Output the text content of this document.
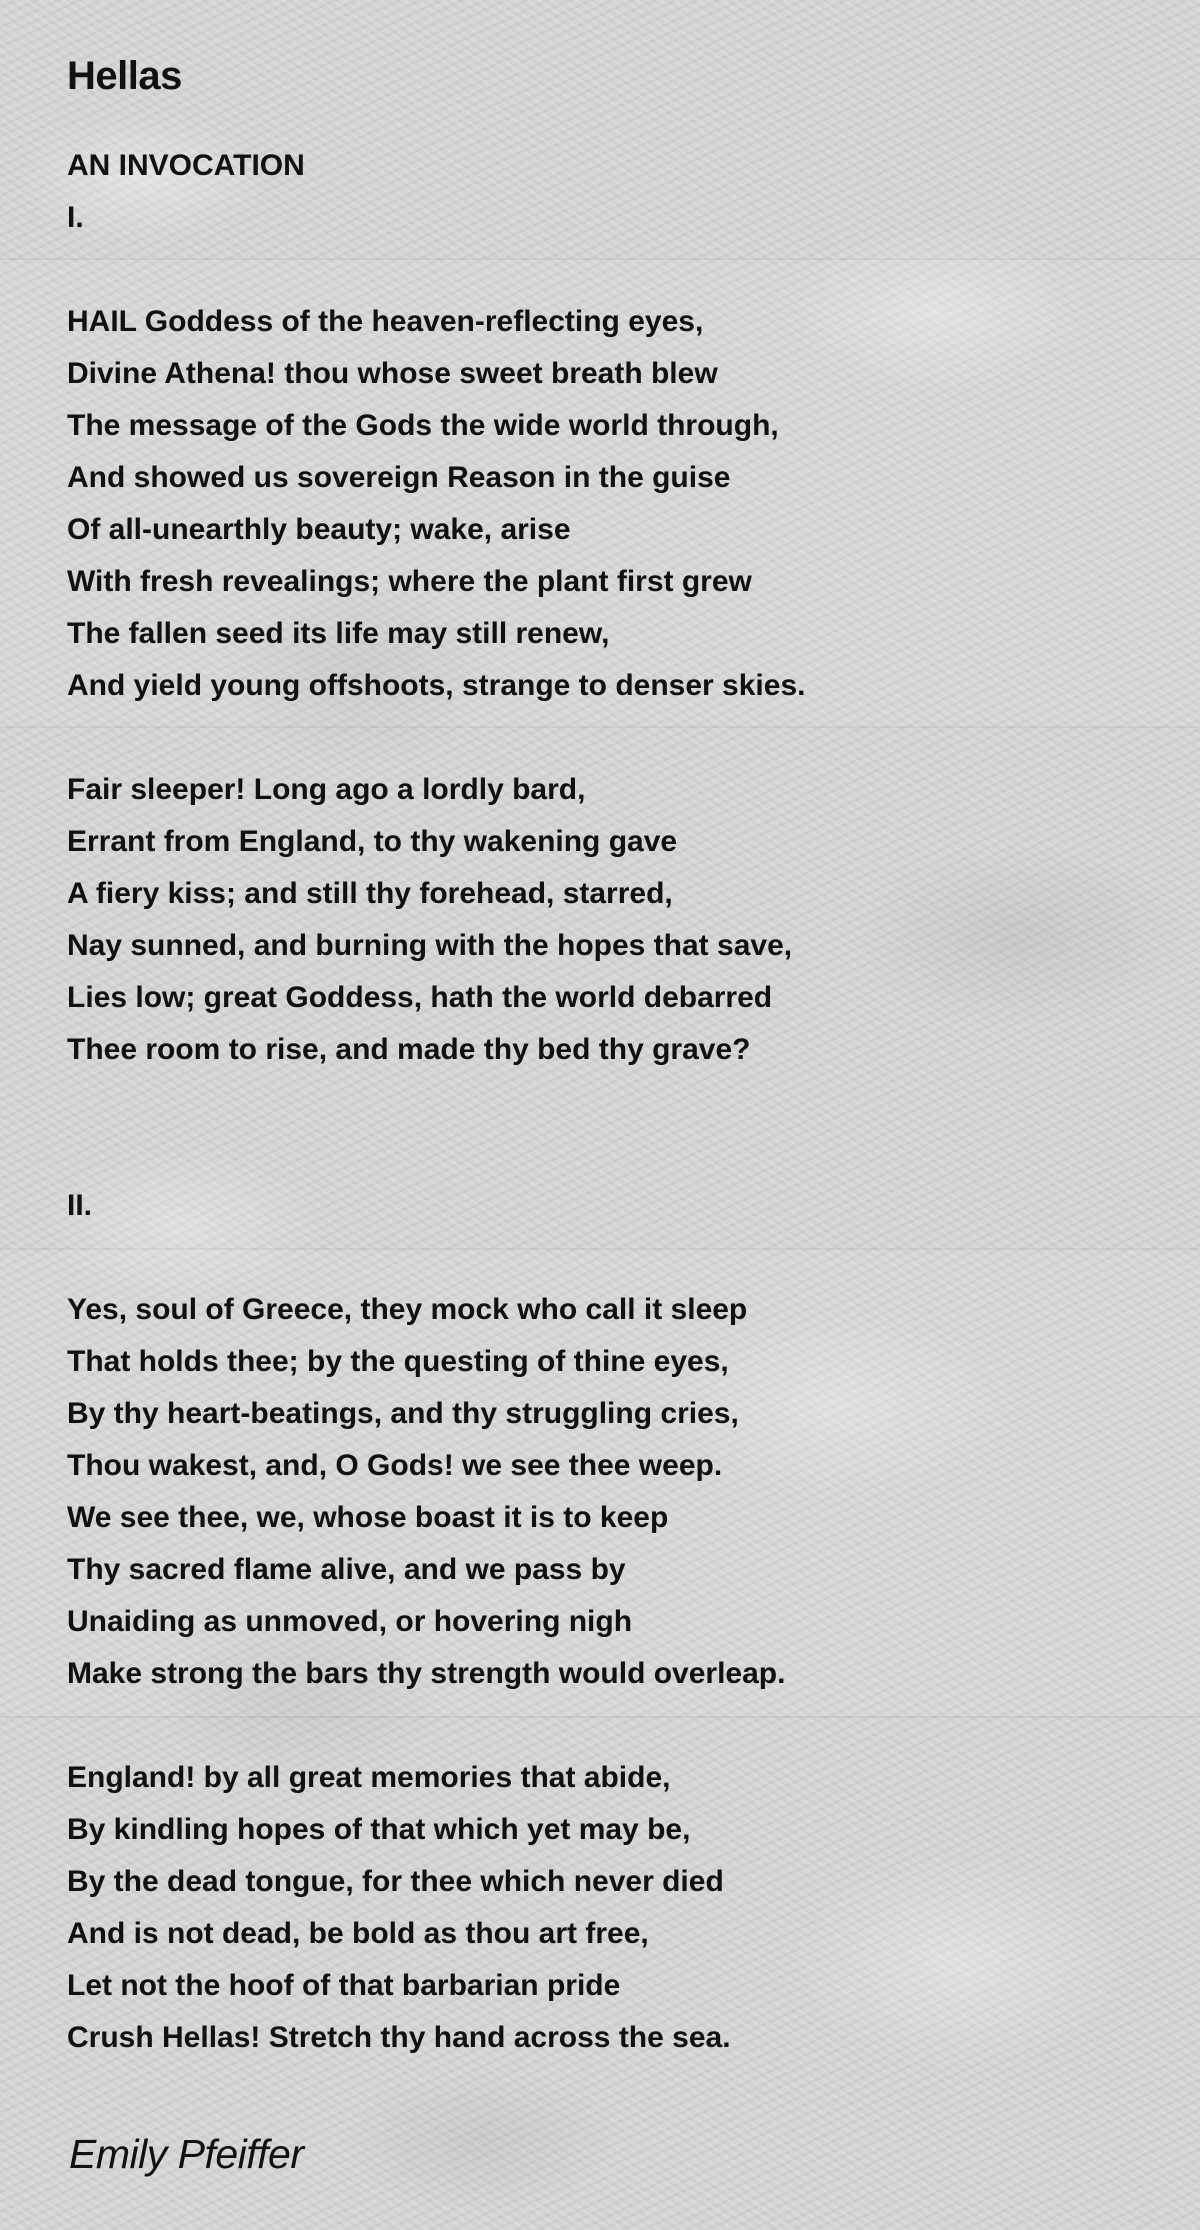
Hellas
AN INVOCATION
I.
HAIL Goddess of the heaven-reflecting eyes,
Divine Athena! thou whose sweet breath blew
The message of the Gods the wide world through,
And showed us sovereign Reason in the guise
Of all-unearthly beauty; wake, arise
With fresh revealings; where the plant first grew
The fallen seed its life may still renew,
And yield young offshoots, strange to denser skies.
Fair sleeper! Long ago a lordly bard,
Errant from England, to thy wakening gave
A fiery kiss; and still thy forehead, starred,
Nay sunned, and burning with the hopes that save,
Lies low; great Goddess, hath the world debarred
Thee room to rise, and made thy bed thy grave?
II.
Yes, soul of Greece, they mock who call it sleep
That holds thee; by the questing of thine eyes,
By thy heart-beatings, and thy struggling cries,
Thou wakest, and, O Gods! we see thee weep.
We see thee, we, whose boast it is to keep
Thy sacred flame alive, and we pass by
Unaiding as unmoved, or hovering nigh
Make strong the bars thy strength would overleap.
England! by all great memories that abide,
By kindling hopes of that which yet may be,
By the dead tongue, for thee which never died
And is not dead, be bold as thou art free,
Let not the hoof of that barbarian pride
Crush Hellas! Stretch thy hand across the sea.
Emily Pfeiffer
